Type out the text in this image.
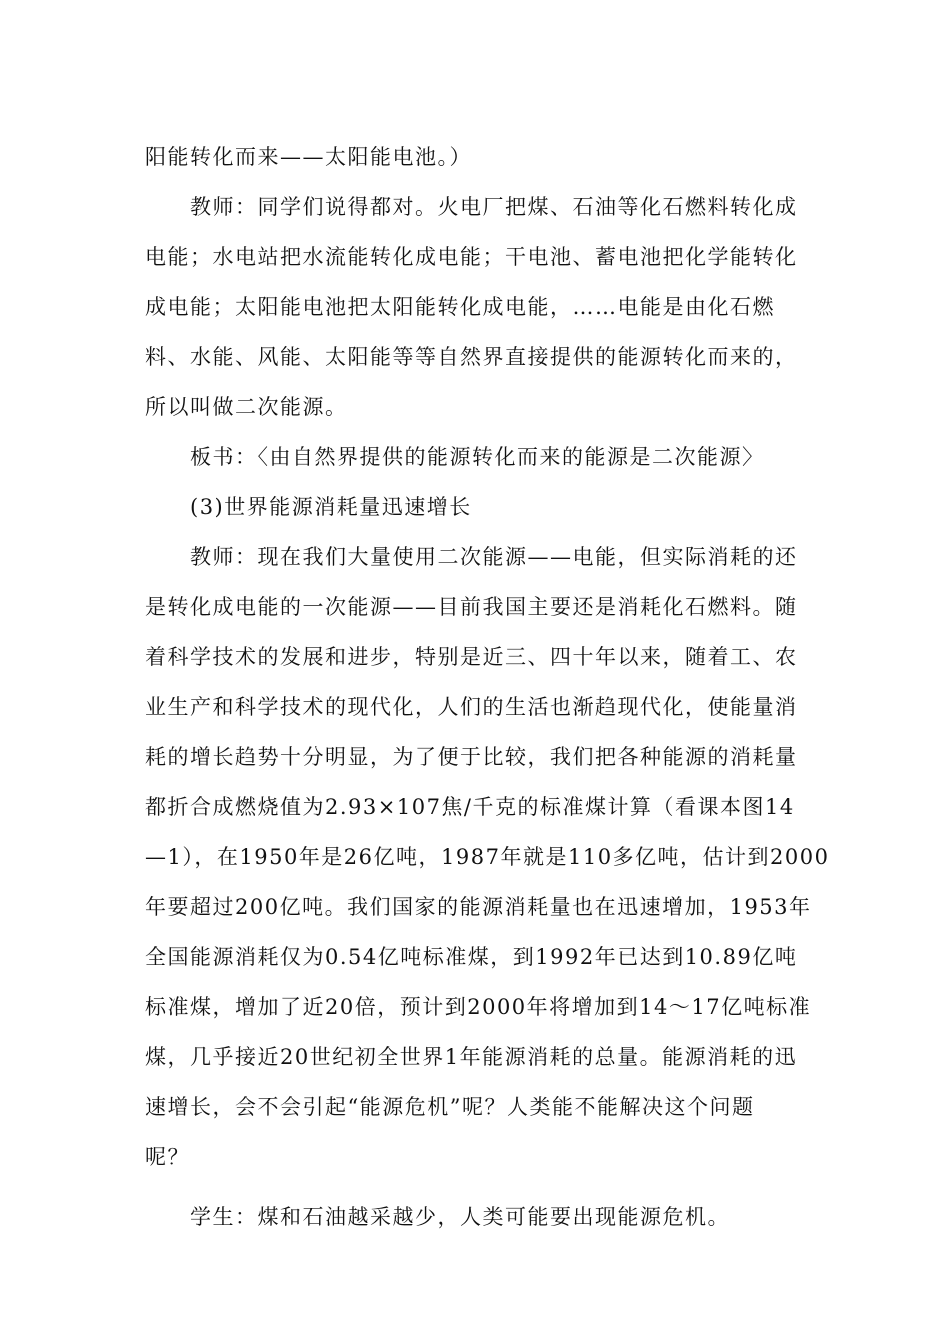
阳能转化而来——太阳能电池。）
教师：同学们说得都对。火电厂把煤、石油等化石燃料转化成
电能；水电站把水流能转化成电能；干电池、蓄电池把化学能转化
成电能；太阳能电池把太阳能转化成电能，……电能是由化石燃
料、水能、风能、太阳能等等自然界直接提供的能源转化而来的，
所以叫做二次能源。
板书：〈由自然界提供的能源转化而来的能源是二次能源〉
(3)世界能源消耗量迅速增长
教师：现在我们大量使用二次能源——电能，但实际消耗的还
是转化成电能的一次能源——目前我国主要还是消耗化石燃料。随
着科学技术的发展和进步，特别是近三、四十年以来，随着工、农
业生产和科学技术的现代化，人们的生活也渐趋现代化，使能量消
耗的增长趋势十分明显，为了便于比较，我们把各种能源的消耗量
都折合成燃烧值为2.93×107焦/千克的标准煤计算（看课本图14
—1），在1950年是26亿吨，1987年就是110多亿吨，估计到2000
年要超过200亿吨。我们国家的能源消耗量也在迅速增加，1953年
全国能源消耗仅为0.54亿吨标准煤，到1992年已达到10.89亿吨
标准煤，增加了近20倍，预计到2000年将增加到14～17亿吨标准
煤，几乎接近20世纪初全世界1年能源消耗的总量。能源消耗的迅
速增长，会不会引起“能源危机”呢？人类能不能解决这个问题
呢？
学生：煤和石油越采越少，人类可能要出现能源危机。
